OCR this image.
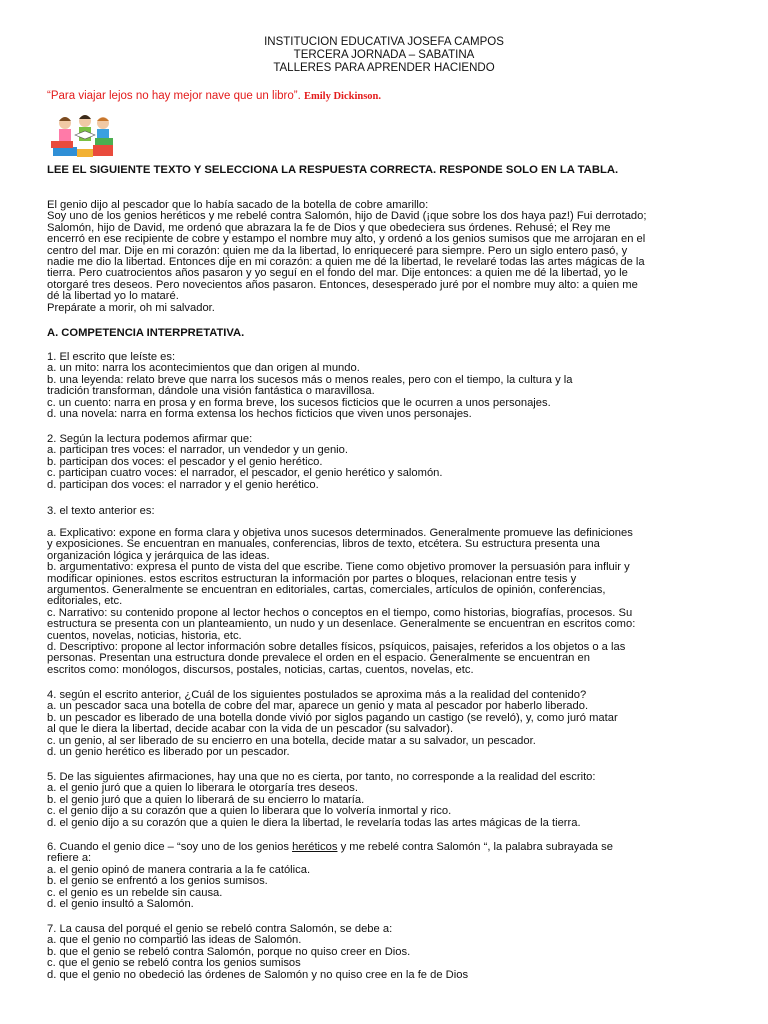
INSTITUCION EDUCATIVA JOSEFA CAMPOS
TERCERA JORNADA – SABATINA
TALLERES PARA APRENDER HACIENDO
“Para viajar lejos no hay mejor nave que un libro”. Emily Dickinson.
LEE EL SIGUIENTE TEXTO Y SELECCIONA LA RESPUESTA CORRECTA. RESPONDE SOLO EN LA TABLA.

El genio dijo al pescador que lo había sacado de la botella de cobre amarillo:

Soy uno de los genios heréticos y me rebelé contra Salomón, hijo de David (¡que sobre los dos haya paz!) Fui derrotado;

Salomón, hijo de David, me ordenó que abrazara la fe de Dios y que obedeciera sus órdenes. Rehusé; el Rey me

encerró en ese recipiente de cobre y estampo el nombre muy alto, y ordenó a los genios sumisos que me arrojaran en el

centro del mar. Dije en mi corazón: quien me da la libertad, lo enriqueceré para siempre. Pero un siglo entero pasó, y

nadie me dio la libertad. Entonces dije en mi corazón: a quien me dé la libertad, le revelaré todas las artes mágicas de la

tierra. Pero cuatrocientos años pasaron y yo seguí en el fondo del mar. Dije entonces: a quien me dé la libertad, yo le

otorgaré tres deseos. Pero novecientos años pasaron. Entonces, desesperado juré por el nombre muy alto: a quien me

dé la libertad yo lo mataré.

Prepárate a morir, oh mi salvador.

A. COMPETENCIA INTERPRETATIVA.

1. El escrito que leíste es:

a. un mito: narra los acontecimientos que dan origen al mundo.

b. una leyenda: relato breve que narra los sucesos más o menos reales, pero con el tiempo, la cultura y la

tradición transforman, dándole una visión fantástica o maravillosa.

c. un cuento: narra en prosa y en forma breve, los sucesos ficticios que le ocurren a unos personajes.

d. una novela: narra en forma extensa los hechos ficticios que viven unos personajes.

2. Según la lectura podemos afirmar que:

a. participan tres voces: el narrador, un vendedor y un genio.

b. participan dos voces: el pescador y el genio herético.

c. participan cuatro voces: el narrador, el pescador, el genio herético y salomón.

d. participan dos voces: el narrador y el genio herético.

3. el texto anterior es:

a. Explicativo: expone en forma clara y objetiva unos sucesos determinados. Generalmente promueve las definiciones

y exposiciones. Se encuentran en manuales, conferencias, libros de texto, etcétera. Su estructura presenta una

organización lógica y jerárquica de las ideas.

b. argumentativo: expresa el punto de vista del que escribe. Tiene como objetivo promover la persuasión para influir y

modificar opiniones. estos escritos estructuran la información por partes o bloques, relacionan entre tesis y

argumentos. Generalmente se encuentran en editoriales, cartas, comerciales, artículos de opinión, conferencias,

editoriales, etc.

c. Narrativo: su contenido propone al lector hechos o conceptos en el tiempo, como historias, biografías, procesos. Su

estructura se presenta con un planteamiento, un nudo y un desenlace. Generalmente se encuentran en escritos como:

cuentos, novelas, noticias, historia, etc.

d. Descriptivo: propone al lector información sobre detalles físicos, psíquicos, paisajes, referidos a los objetos o a las

personas. Presentan una estructura donde prevalece el orden en el espacio. Generalmente se encuentran en

escritos como: monólogos, discursos, postales, noticias, cartas, cuentos, novelas, etc.

4. según el escrito anterior, ¿Cuál de los siguientes postulados se aproxima más a la realidad del contenido?

a. un pescador saca una botella de cobre del mar, aparece un genio y mata al pescador por haberlo liberado.

b. un pescador es liberado de una botella donde vivió por siglos pagando un castigo (se reveló), y, como juró matar

al que le diera la libertad, decide acabar con la vida de un pescador (su salvador).

c. un genio, al ser liberado de su encierro en una botella, decide matar a su salvador, un pescador.

d. un genio herético es liberado por un pescador.

5. De las siguientes afirmaciones, hay una que no es cierta, por tanto, no corresponde a la realidad del escrito:

a. el genio juró que a quien lo liberara le otorgaría tres deseos.

b. el genio juró que a quien lo liberará de su encierro lo mataría.

c. el genio dijo a su corazón que a quien lo liberara que lo volvería inmortal y rico.

d. el genio dijo a su corazón que a quien le diera la libertad, le revelaría todas las artes mágicas de la tierra.

6. Cuando el genio dice – “soy uno de los genios heréticos y me rebelé contra Salomón “, la palabra subrayada se

refiere a:

a. el genio opinó de manera contraria a la fe católica.

b. el genio se enfrentó a los genios sumisos.

c. el genio es un rebelde sin causa.

d. el genio insultó a Salomón.

7. La causa del porqué el genio se rebeló contra Salomón, se debe a:

a. que el genio no compartió las ideas de Salomón.

b. que el genio se rebeló contra Salomón, porque no quiso creer en Dios.

c. que el genio se rebeló contra los genios sumisos

d. que el genio no obedeció las órdenes de Salomón y no quiso cree en la fe de Dios
